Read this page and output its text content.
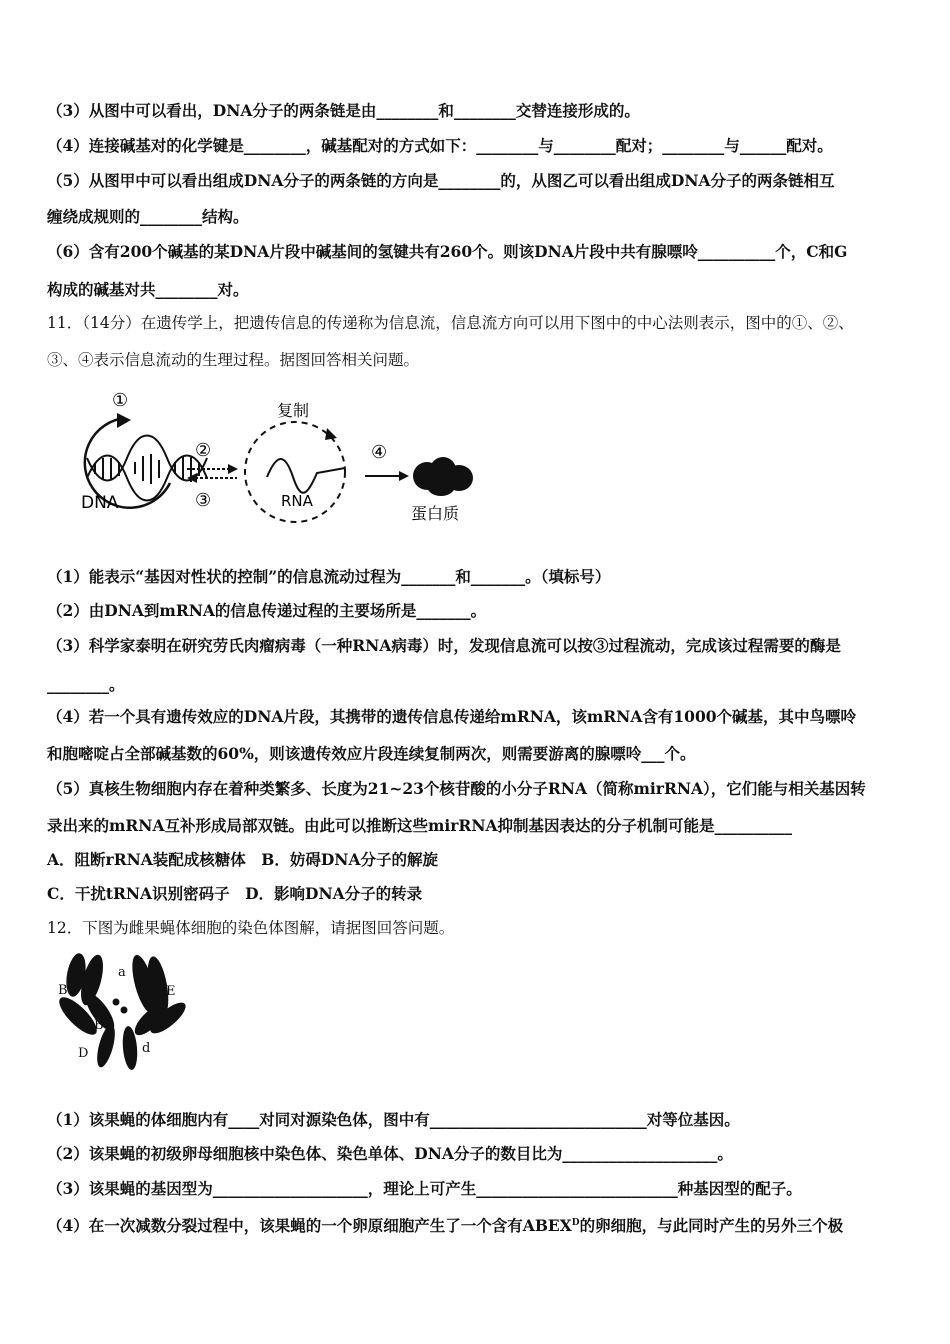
（3）从图中可以看出，DNA分子的两条链是由________和________交替连接形成的。
（4）连接碱基对的化学键是________，碱基配对的方式如下：________与________配对；________与______配对。
（5）从图甲中可以看出组成DNA分子的两条链的方向是________的，从图乙可以看出组成DNA分子的两条链相互
缠绕成规则的________结构。
（6）含有200个碱基的某DNA片段中碱基间的氢键共有260个。则该DNA片段中共有腺嘌呤__________个，C和G
构成的碱基对共________对。
11．（14分）在遗传学上，把遗传信息的传递称为信息流，信息流方向可以用下图中的中心法则表示，图中的①、②、
③、④表示信息流动的生理过程。据图回答相关问题。
①
DNA
②
③
复制
RNA
④
蛋白质
（1）能表示“基因对性状的控制”的信息流动过程为_______和_______。（填标号）
（2）由DNA到mRNA的信息传递过程的主要场所是_______。
（3）科学家泰明在研究劳氏肉瘤病毒（一种RNA病毒）时，发现信息流可以按③过程流动，完成该过程需要的酶是
________。
（4）若一个具有遗传效应的DNA片段，其携带的遗传信息传递给mRNA，该mRNA含有1000个碱基，其中鸟嘌呤
和胞嘧啶占全部碱基数的60%，则该遗传效应片段连续复制两次，则需要游离的腺嘌呤___个。
（5）真核生物细胞内存在着种类繁多、长度为21~23个核苷酸的小分子RNA（简称mirRNA），它们能与相关基因转
录出来的mRNA互补形成局部双链。由此可以推断这些mirRNA抑制基因表达的分子机制可能是__________
A．阻断rRNA装配成核糖体　B．妨碍DNA分子的解旋
C．干扰tRNA识别密码子　D．影响DNA分子的转录
12．下图为雌果蝇体细胞的染色体图解，请据图回答问题。
A
a
B	E
B e
D	d
（1）该果蝇的体细胞内有____对同对源染色体，图中有____________________________对等位基因。
（2）该果蝇的初级卵母细胞核中染色体、染色单体、DNA分子的数目比为____________________。
（3）该果蝇的基因型为____________________，理论上可产生__________________________种基因型的配子。
（4）在一次减数分裂过程中，该果蝇的一个卵原细胞产生了一个含有$ABEX^D$的卵细胞，与此同时产生的另外三个极
